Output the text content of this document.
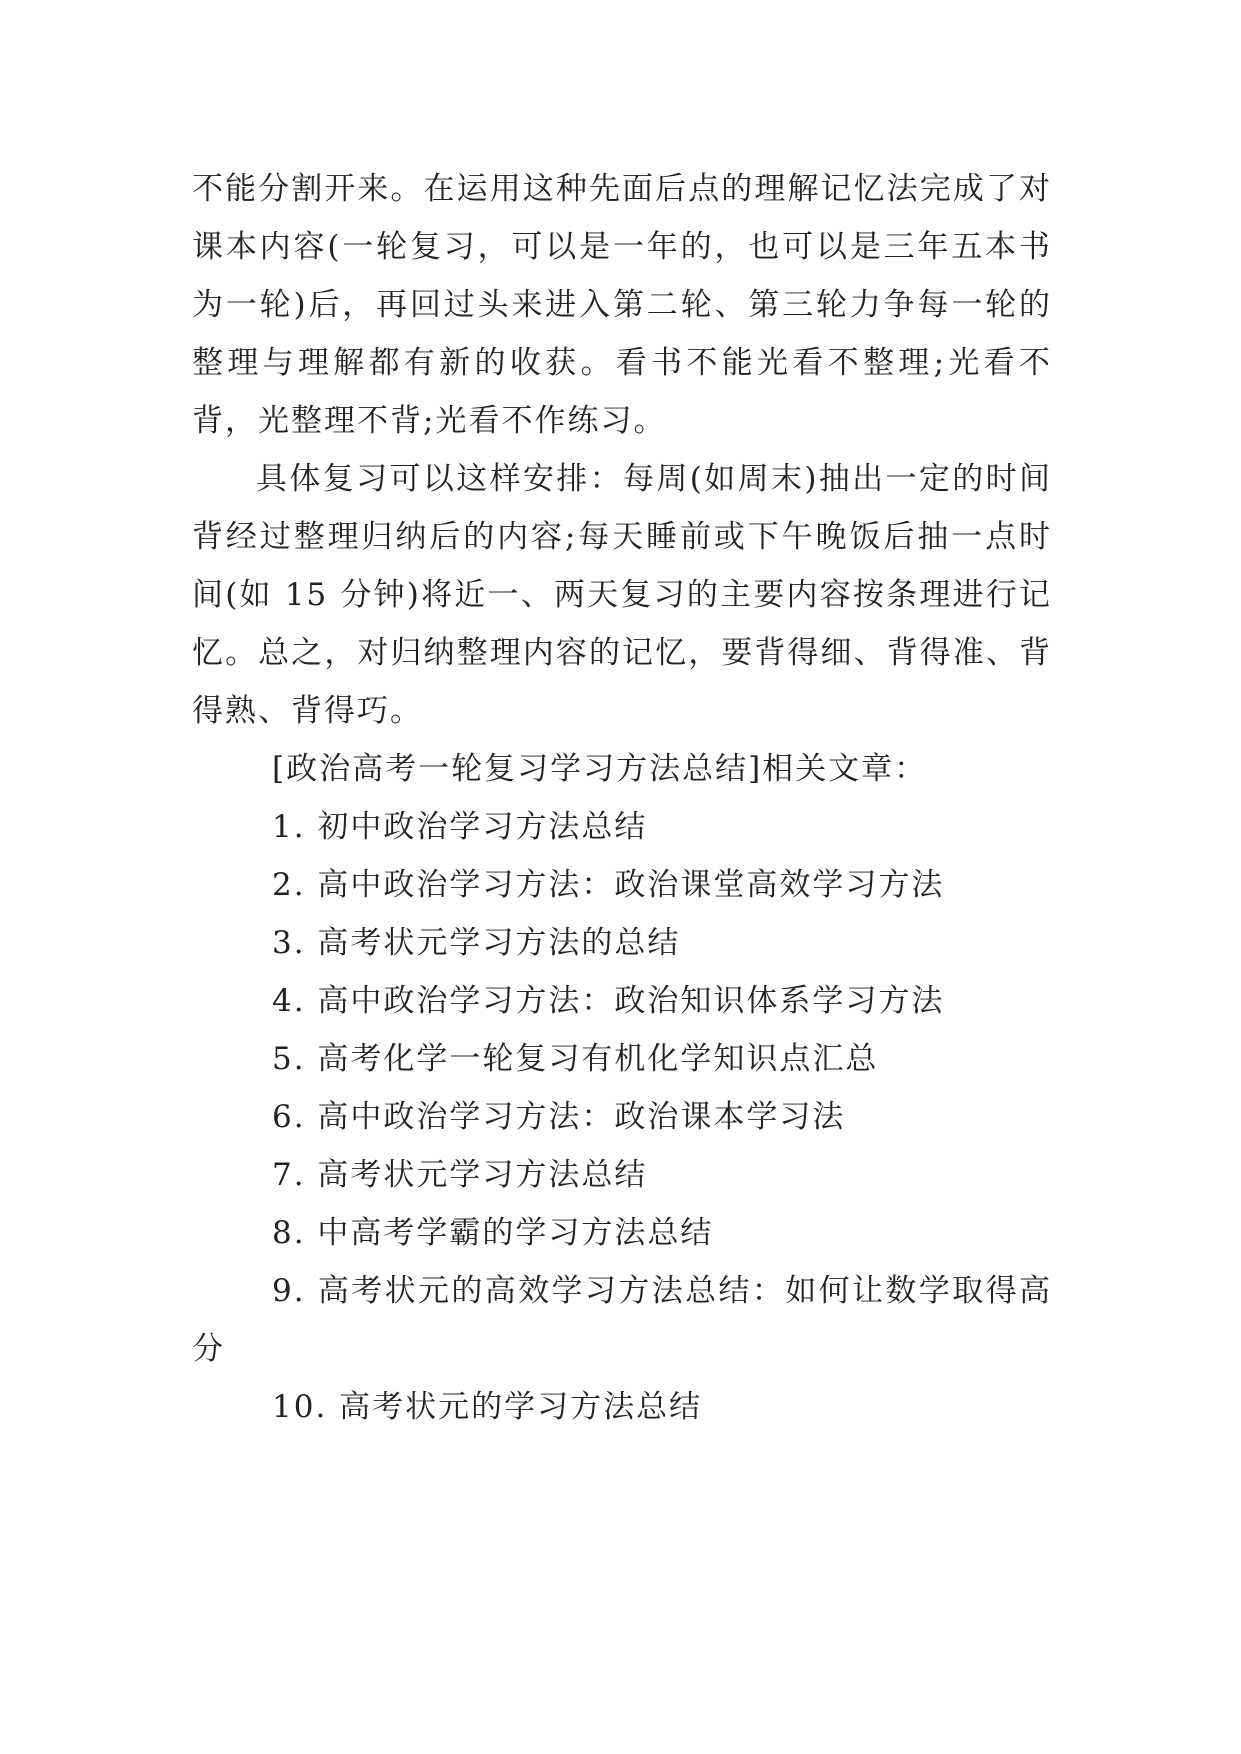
不能分割开来。在运用这种先面后点的理解记忆法完成了对课本内容(一轮复习，可以是一年的，也可以是三年五本书为一轮)后，再回过头来进入第二轮、第三轮力争每一轮的整理与理解都有新的收获。看书不能光看不整理;光看不背，光整理不背;光看不作练习。

具体复习可以这样安排：每周(如周末)抽出一定的时间背经过整理归纳后的内容;每天睡前或下午晚饭后抽一点时间(如 15 分钟)将近一、两天复习的主要内容按条理进行记忆。总之，对归纳整理内容的记忆，要背得细、背得准、背得熟、背得巧。

[政治高考一轮复习学习方法总结]相关文章：

1. 初中政治学习方法总结

2. 高中政治学习方法：政治课堂高效学习方法

3. 高考状元学习方法的总结

4. 高中政治学习方法：政治知识体系学习方法

5. 高考化学一轮复习有机化学知识点汇总

6. 高中政治学习方法：政治课本学习法

7. 高考状元学习方法总结

8. 中高考学霸的学习方法总结

9. 高考状元的高效学习方法总结：如何让数学取得高分

10. 高考状元的学习方法总结
